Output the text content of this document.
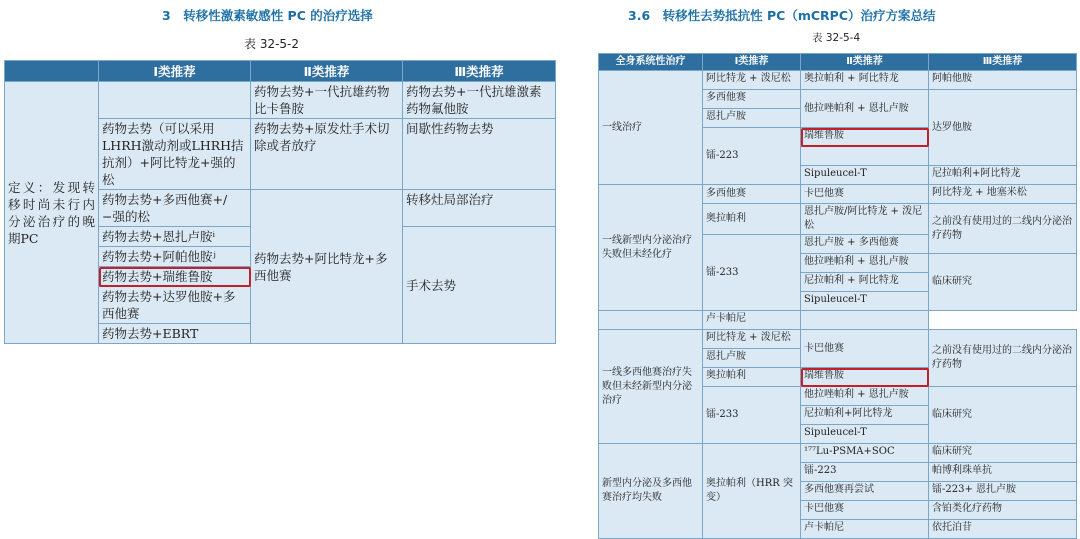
3　转移性激素敏感性 PC 的治疗选择
表 32-5-2
	Ⅰ类推荐	Ⅱ类推荐	Ⅲ类推荐
定义：发现转移时尚未行内分泌治疗的晚期PC		药物去势+一代抗雄药物比卡鲁胺	药物去势+一代抗雄激素药物氟他胺
	药物去势（可以采用LHRH激动剂或LHRH拮抗剂）+阿比特龙+强的松	药物去势+原发灶手术切除或者放疗	间歇性药物去势
	药物去势+多西他赛+/−强的松	药物去势+阿比特龙+多西他赛	转移灶局部治疗
	药物去势+恩扎卢胺ⁱ		手术去势
	药物去势+阿帕他胺ʲ		
	药物去势+瑞维鲁胺		
	药物去势+达罗他胺+多西他赛		
	药物去势+EBRT		
3.6　转移性去势抵抗性 PC（mCRPC）治疗方案总结
表 32-5-4
全身系统性治疗	Ⅰ类推荐	Ⅱ类推荐	Ⅲ类推荐
一线治疗	阿比特龙 + 泼尼松	奥拉帕利 + 阿比特龙	阿帕他胺
	多西他赛	他拉唑帕利 + 恩扎卢胺	达罗他胺
	恩扎卢胺		
	镭-223	瑞维鲁胺	

		Sipuleucel-T	尼拉帕利+阿比特龙
一线新型内分泌治疗失败但未经化疗	多西他赛	卡巴他赛	阿比特龙 + 地塞米松

	奥拉帕利	恩扎卢胺/阿比特龙 + 泼尼松	之前没有使用过的二线内分泌治疗药物

	镭-233	恩扎卢胺 + 多西他赛	
		他拉唑帕利 + 恩扎卢胺	临床研究
		尼拉帕利 + 阿比特龙	
		Sipuleucel-T	
	卢卡帕尼		
一线多西他赛治疗失败但未经新型内分泌治疗	阿比特龙 + 泼尼松	卡巴他赛	之前没有使用过的二线内分泌治疗药物
	恩扎卢胺		
	奥拉帕利	瑞维鲁胺	
	镭-233	他拉唑帕利 + 恩扎卢胺	临床研究
		尼拉帕利+阿比特龙	
		Sipuleucel-T	
新型内分泌及多西他赛治疗均失败	奥拉帕利（HRR 突变）	¹⁷⁷Lu-PSMA+SOC	临床研究
		镭-223	帕博利珠单抗
		多西他赛再尝试	镭-223+ 恩扎卢胺
		卡巴他赛	含铂类化疗药物
		卢卡帕尼	依托泊苷
